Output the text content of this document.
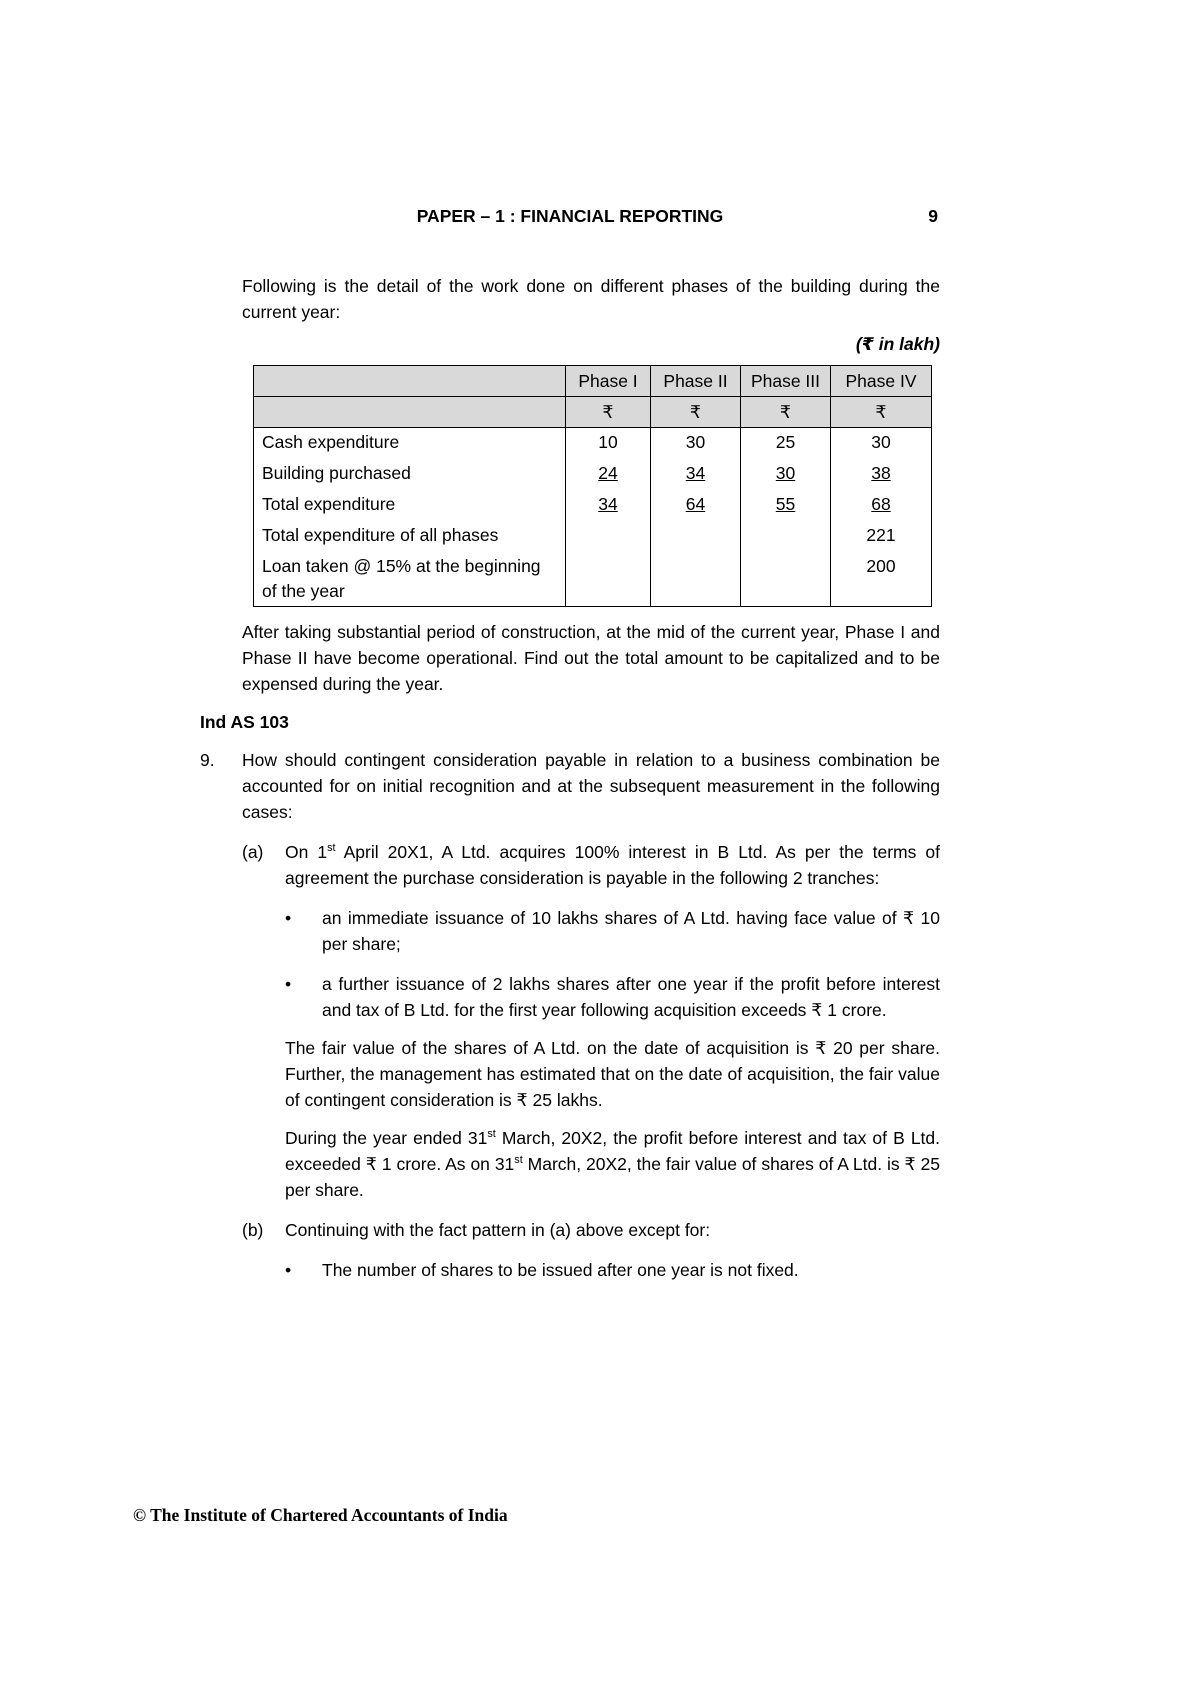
PAPER – 1 : FINANCIAL REPORTING	9

Following is the detail of the work done on different phases of the building during the current year:

(₹ in lakh)
	Phase I	Phase II	Phase III	Phase IV
	₹	₹	₹	₹
Cash expenditure	10	30	25	30
Building purchased	24	34	30	38
Total expenditure	34	64	55	68
Total expenditure of all phases				221
Loan taken @ 15% at the beginning of the year				200

After taking substantial period of construction, at the mid of the current year, Phase I and Phase II have become operational. Find out the total amount to be capitalized and to be expensed during the year.

Ind AS 103
9.	How should contingent consideration payable in relation to a business combination be accounted for on initial recognition and at the subsequent measurement in the following cases:

(a)	On 1st April 20X1, A Ltd. acquires 100% interest in B Ltd. As per the terms of agreement the purchase consideration is payable in the following 2 tranches:

•	an immediate issuance of 10 lakhs shares of A Ltd. having face value of ₹ 10 per share;

•	a further issuance of 2 lakhs shares after one year if the profit before interest and tax of B Ltd. for the first year following acquisition exceeds ₹ 1 crore.

The fair value of the shares of A Ltd. on the date of acquisition is ₹ 20 per share. Further, the management has estimated that on the date of acquisition, the fair value of contingent consideration is ₹ 25 lakhs.

During the year ended 31st March, 20X2, the profit before interest and tax of B Ltd. exceeded ₹ 1 crore. As on 31st March, 20X2, the fair value of shares of A Ltd. is ₹ 25 per share.

(b)	Continuing with the fact pattern in (a) above except for:

•	The number of shares to be issued after one year is not fixed.

© The Institute of Chartered Accountants of India
